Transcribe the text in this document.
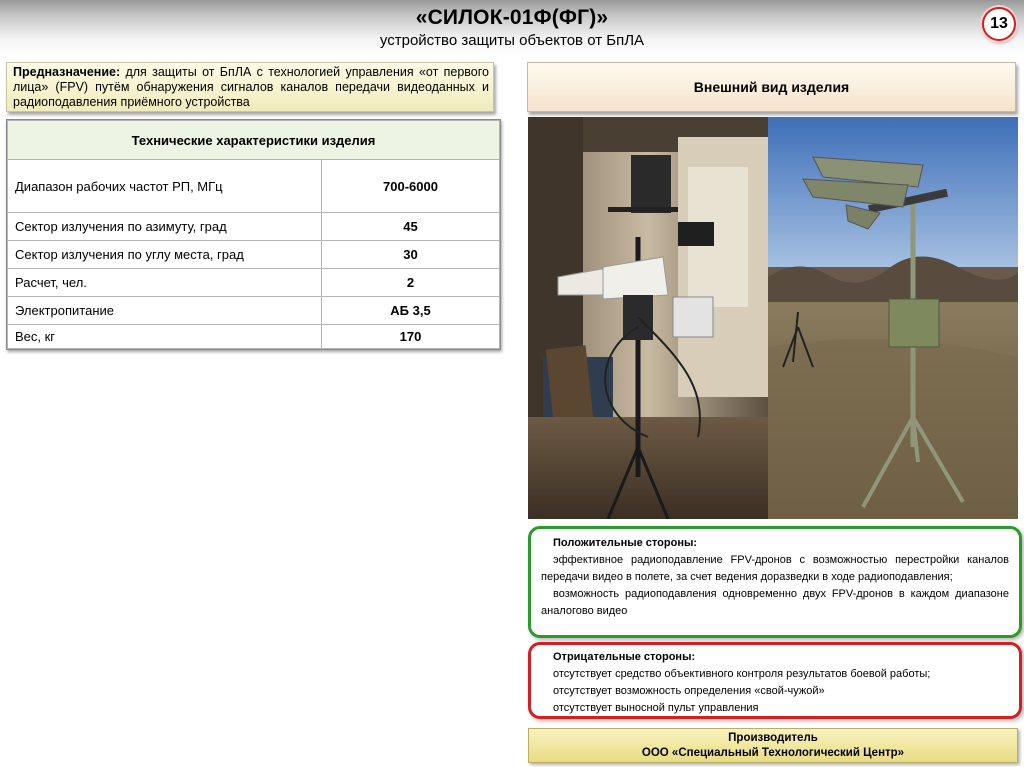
«СИЛОК-01Ф(ФГ)»
устройство защиты объектов от БпЛА
13
Предназначение: для защиты от БпЛА с технологией управления «от первого лица» (FPV) путём обнаружения сигналов каналов передачи видеоданных и радиоподавления приёмного устройства
Технические характеристики изделия	
Диапазон рабочих частот РП, МГц	700-6000
Сектор излучения по азимуту, град	45
Сектор излучения по углу места, град	30
Расчет, чел.	2
Электропитание	АБ 3,5
Вес, кг	170
Внешний вид изделия
Положительные стороны:
эффективное радиоподавление FPV-дронов с возможностью перестройки каналов передачи видео в полете, за счет ведения доразведки в ходе радиоподавления;
возможность радиоподавления одновременно двух FPV-дронов в каждом диапазоне аналогово видео
Отрицательные стороны:
отсутствует средство объективного контроля результатов боевой работы;
отсутствует возможность определения «свой-чужой»
отсутствует выносной пульт управления
Производитель
ООО «Специальный Технологический Центр»
